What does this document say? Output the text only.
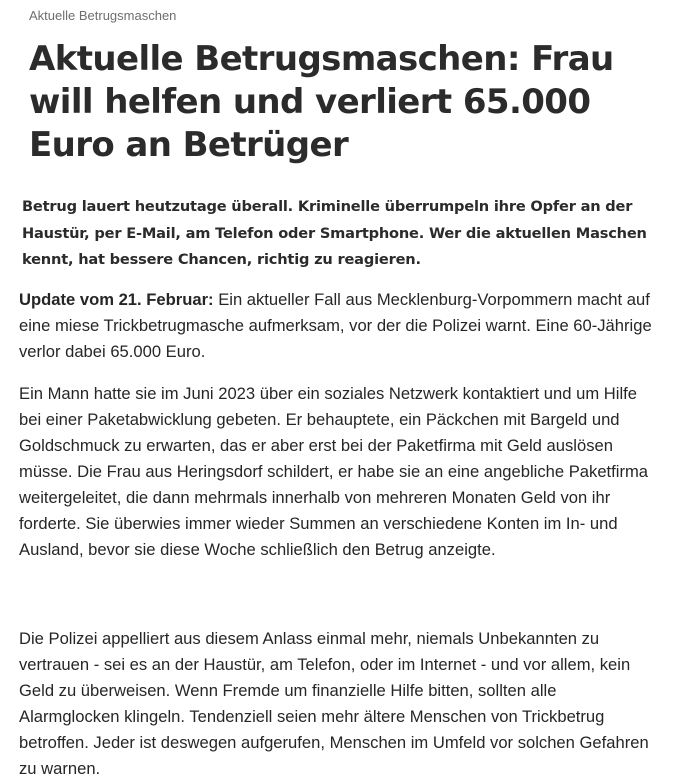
Aktuelle Betrugsmaschen
Aktuelle Betrugsmaschen: Frau will helfen und verliert 65.000 Euro an Betrüger

Betrug lauert heutzutage überall. Kriminelle überrumpeln ihre Opfer an der Haustür, per E-Mail, am Telefon oder Smartphone. Wer die aktuellen Maschen kennt, hat bessere Chancen, richtig zu reagieren.

Update vom 21. Februar: Ein aktueller Fall aus Mecklenburg-Vorpommern macht auf eine miese Trickbetrugmasche aufmerksam, vor der die Polizei warnt. Eine 60-Jährige verlor dabei 65.000 Euro.

Ein Mann hatte sie im Juni 2023 über ein soziales Netzwerk kontaktiert und um Hilfe bei einer Paketabwicklung gebeten. Er behauptete, ein Päckchen mit Bargeld und Goldschmuck zu erwarten, das er aber erst bei der Paketfirma mit Geld auslösen müsse. Die Frau aus Heringsdorf schildert, er habe sie an eine angebliche Paketfirma weitergeleitet, die dann mehrmals innerhalb von mehreren Monaten Geld von ihr forderte. Sie überwies immer wieder Summen an verschiedene Konten im In- und Ausland, bevor sie diese Woche schließlich den Betrug anzeigte.

Die Polizei appelliert aus diesem Anlass einmal mehr, niemals Unbekannten zu vertrauen - sei es an der Haustür, am Telefon, oder im Internet - und vor allem, kein Geld zu überweisen. Wenn Fremde um finanzielle Hilfe bitten, sollten alle Alarmglocken klingeln. Tendenziell seien mehr ältere Menschen von Trickbetrug betroffen. Jeder ist deswegen aufgerufen, Menschen im Umfeld vor solchen Gefahren zu warnen.
